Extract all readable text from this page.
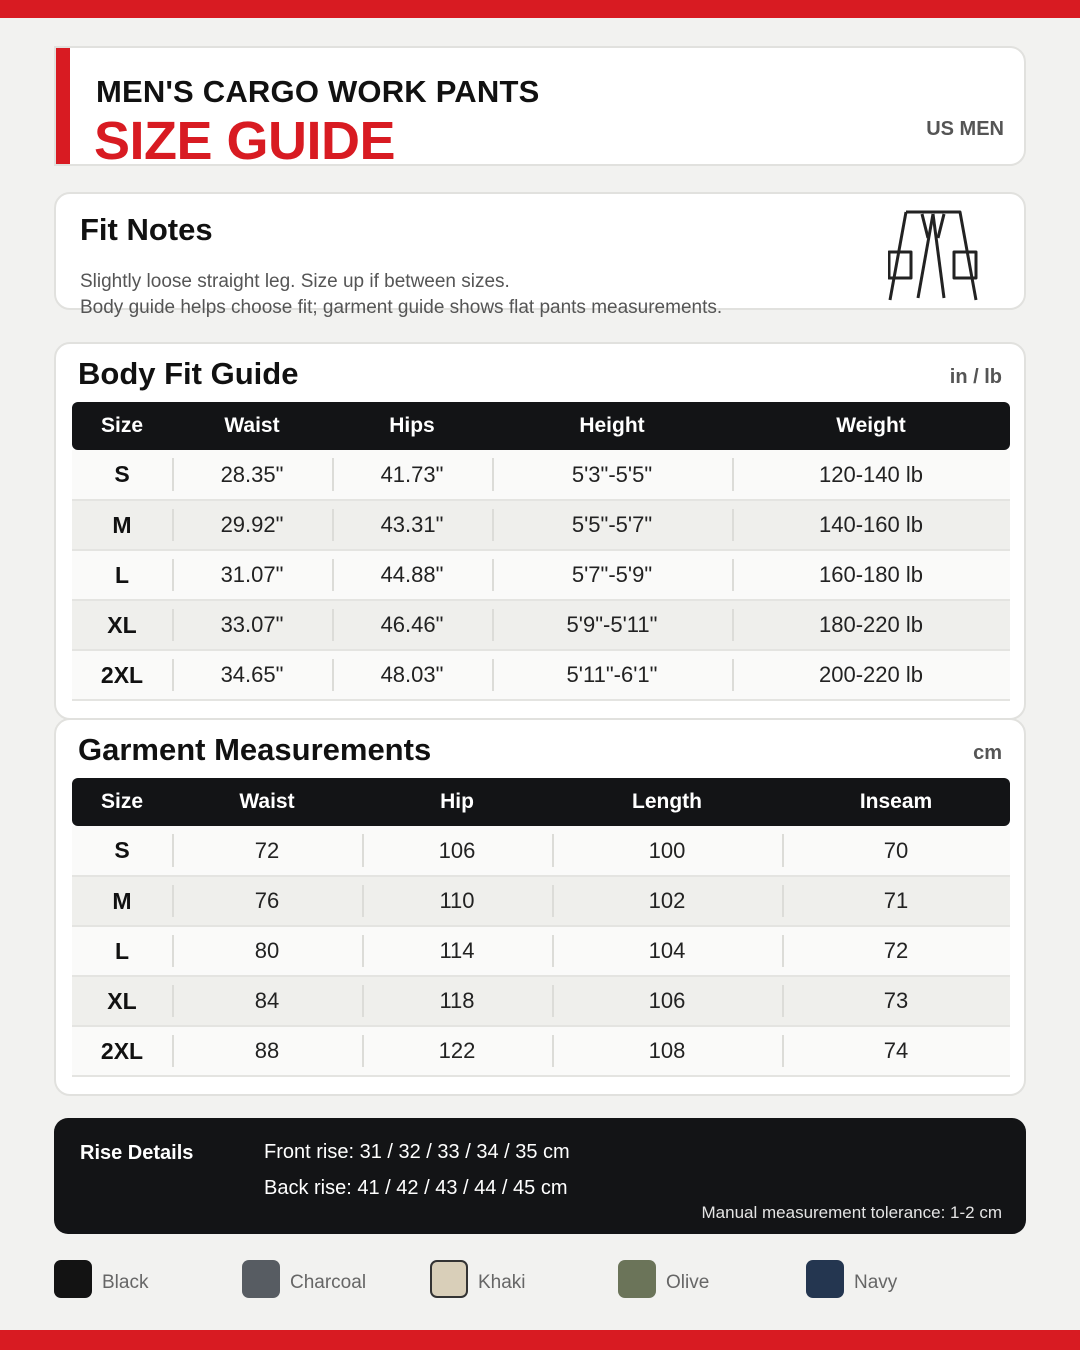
MEN'S CARGO WORK PANTS
SIZE GUIDE	US MEN
Fit Notes
Slightly loose straight leg. Size up if between sizes.
Body guide helps choose fit; garment guide shows flat pants measurements.
Body Fit Guide	in / lb
Size	Waist	Hips	Height	Weight
S	28.35"	41.73"	5'3"-5'5"	120-140 lb
M	29.92"	43.31"	5'5"-5'7"	140-160 lb
L	31.07"	44.88"	5'7"-5'9"	160-180 lb
XL	33.07"	46.46"	5'9"-5'11"	180-220 lb
2XL	34.65"	48.03"	5'11"-6'1"	200-220 lb
Garment Measurements	cm
Size	Waist	Hip	Length	Inseam
S	72	106	100	70
M	76	110	102	71
L	80	114	104	72
XL	84	118	106	73
2XL	88	122	108	74
Rise Details	Front rise: 31 / 32 / 33 / 34 / 35 cm
Back rise: 41 / 42 / 43 / 44 / 45 cm
Manual measurement tolerance: 1-2 cm
Black	Charcoal	Khaki	Olive	Navy
